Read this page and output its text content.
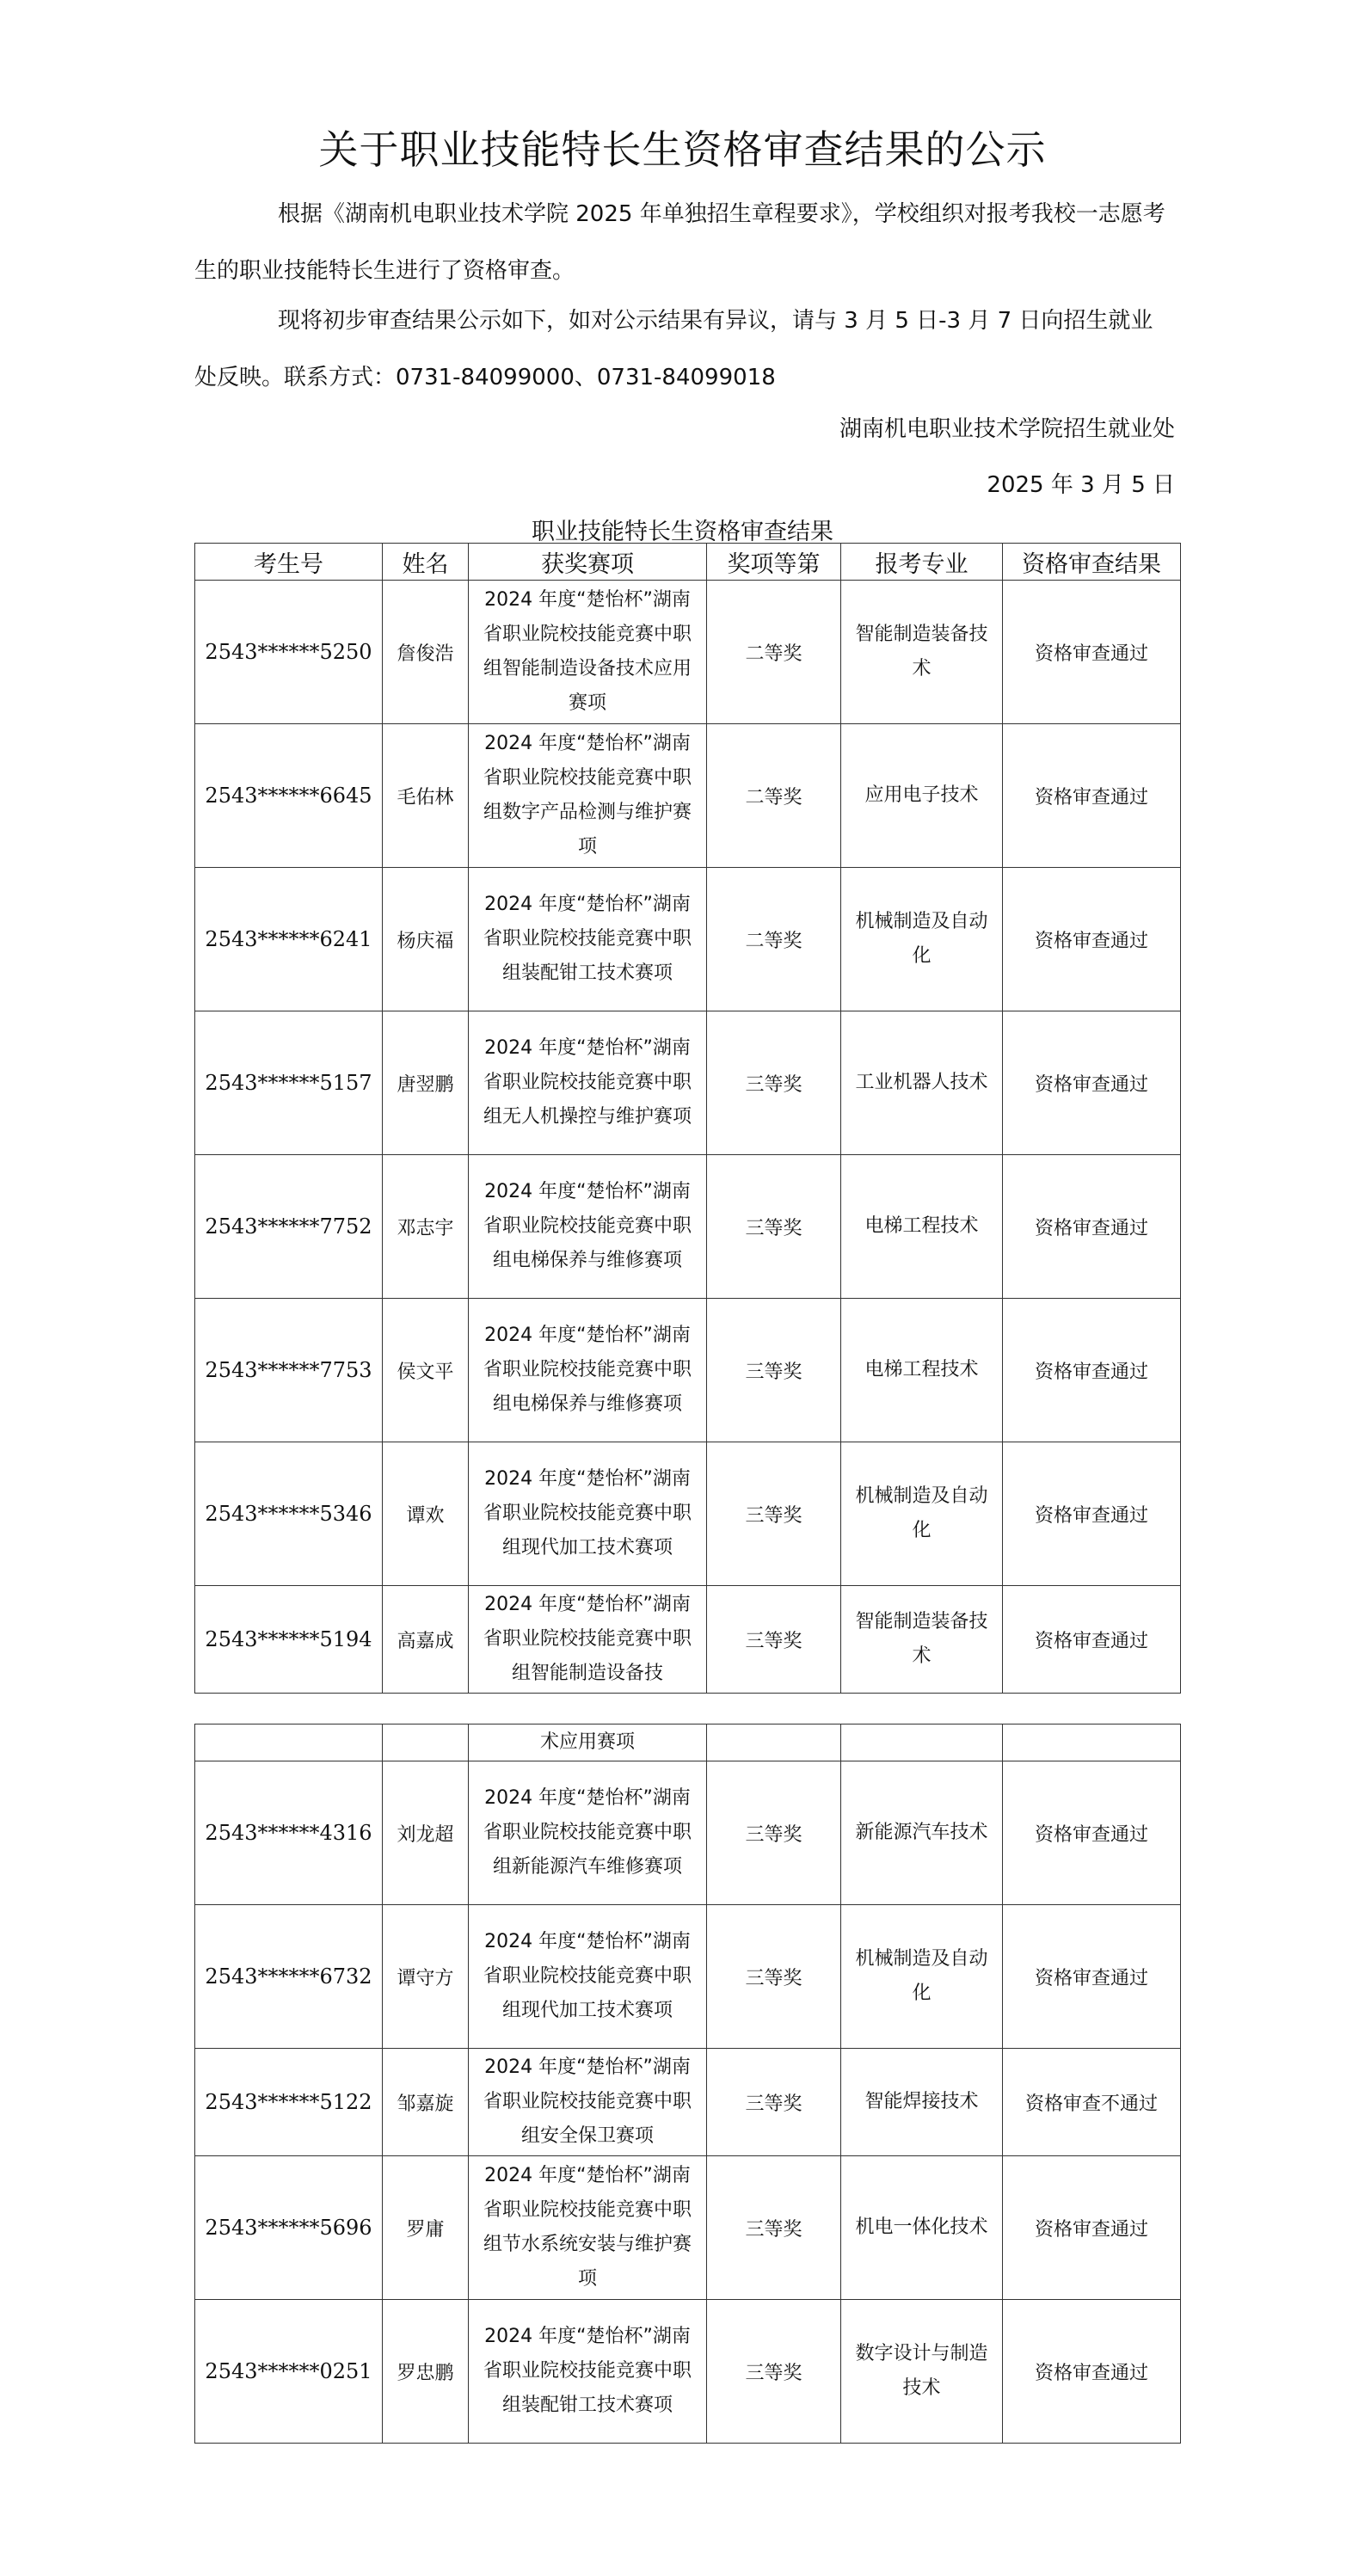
关于职业技能特长生资格审查结果的公示

根据《湖南机电职业技术学院 2025 年单独招生章程要求》，学校组织对报考我校一志愿考生的职业技能特长生进行了资格审查。

现将初步审查结果公示如下，如对公示结果有异议，请与 3 月 5 日-3 月 7 日向招生就业处反映。联系方式：0731-84099000、0731-84099018

湖南机电职业技术学院招生就业处
2025 年 3 月 5 日
职业技能特长生资格审查结果
考生号	姓名	获奖赛项	奖项等第	报考专业	资格审查结果
2543******5250	詹俊浩	2024 年度“楚怡杯”湖南省职业院校技能竞赛中职组智能制造设备技术应用赛项	二等奖	智能制造装备技术	资格审查通过
2543******6645	毛佑林	2024 年度“楚怡杯”湖南省职业院校技能竞赛中职组数字产品检测与维护赛项	二等奖	应用电子技术	资格审查通过
2543******6241	杨庆福	2024 年度“楚怡杯”湖南省职业院校技能竞赛中职组装配钳工技术赛项	二等奖	机械制造及自动化	资格审查通过
2543******5157	唐翌鹏	2024 年度“楚怡杯”湖南省职业院校技能竞赛中职组无人机操控与维护赛项	三等奖	工业机器人技术	资格审查通过
2543******7752	邓志宇	2024 年度“楚怡杯”湖南省职业院校技能竞赛中职组电梯保养与维修赛项	三等奖	电梯工程技术	资格审查通过
2543******7753	侯文平	2024 年度“楚怡杯”湖南省职业院校技能竞赛中职组电梯保养与维修赛项	三等奖	电梯工程技术	资格审查通过
2543******5346	谭欢	2024 年度“楚怡杯”湖南省职业院校技能竞赛中职组现代加工技术赛项	三等奖	机械制造及自动化	资格审查通过
2543******5194	高嘉成	2024 年度“楚怡杯”湖南省职业院校技能竞赛中职组智能制造设备技	三等奖	智能制造装备技术	资格审查通过
		术应用赛项			
2543******4316	刘龙超	2024 年度“楚怡杯”湖南省职业院校技能竞赛中职组新能源汽车维修赛项	三等奖	新能源汽车技术	资格审查通过
2543******6732	谭守方	2024 年度“楚怡杯”湖南省职业院校技能竞赛中职组现代加工技术赛项	三等奖	机械制造及自动化	资格审查通过
2543******5122	邹嘉旋	2024 年度“楚怡杯”湖南省职业院校技能竞赛中职组安全保卫赛项	三等奖	智能焊接技术	资格审查不通过
2543******5696	罗庸	2024 年度“楚怡杯”湖南省职业院校技能竞赛中职组节水系统安装与维护赛项	三等奖	机电一体化技术	资格审查通过
2543******0251	罗忠鹏	2024 年度“楚怡杯”湖南省职业院校技能竞赛中职组装配钳工技术赛项	三等奖	数字设计与制造技术	资格审查通过
